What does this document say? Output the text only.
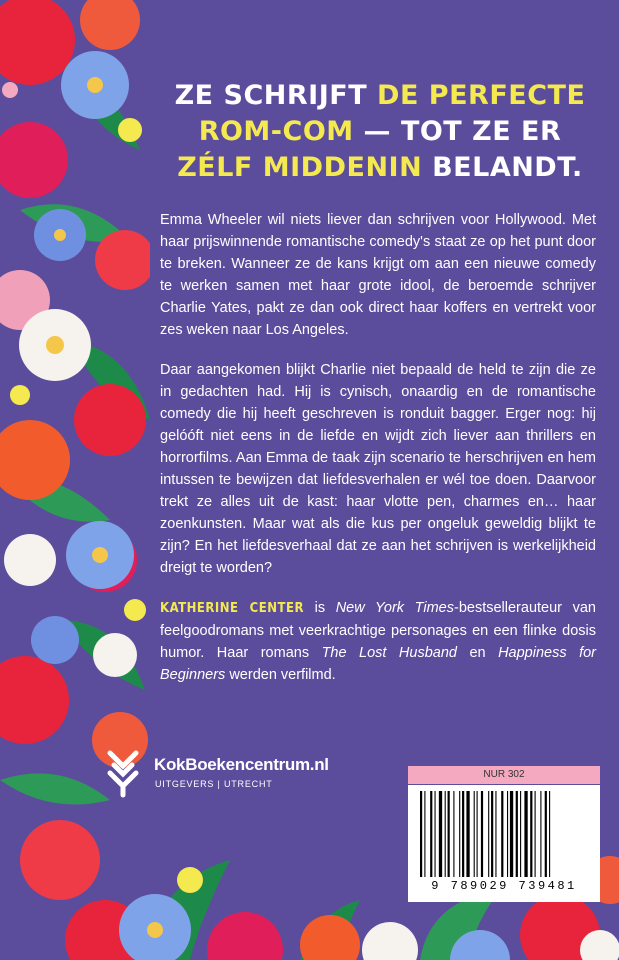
ZE SCHRIJFT DE PERFECTE
ROM-COM — TOT ZE ER
ZÉLF MIDDENIN BELANDT.

Emma Wheeler wil niets liever dan schrijven voor Hollywood. Met haar prijswinnende romantische comedy's staat ze op het punt door te breken. Wanneer ze de kans krijgt om aan een nieuwe comedy te werken samen met haar grote idool, de beroemde schrijver Charlie Yates, pakt ze dan ook direct haar koffers en vertrekt voor zes weken naar Los Angeles.

Daar aangekomen blijkt Charlie niet bepaald de held te zijn die ze in gedachten had. Hij is cynisch, onaardig en de romantische comedy die hij heeft geschreven is ronduit bagger. Erger nog: hij gelóóft niet eens in de liefde en wijdt zich liever aan thrillers en horrorfilms. Aan Emma de taak zijn scenario te herschrijven en hem intussen te bewijzen dat liefdesverhalen er wél toe doen. Daarvoor trekt ze alles uit de kast: haar vlotte pen, charmes en… haar zoenkunsten. Maar wat als die kus per ongeluk geweldig blijkt te zijn? En het liefdesverhaal dat ze aan het schrijven is werkelijkheid dreigt te worden?

KATHERINE CENTER is New York Times-bestsellerauteur van feelgoodromans met veerkrachtige personages en een flinke dosis humor. Haar romans The Lost Husband en Happiness for Beginners werden verfilmd.

KokBoekencentrum.nl
UITGEVERS | UTRECHT
NUR 302
9 789029 739481
